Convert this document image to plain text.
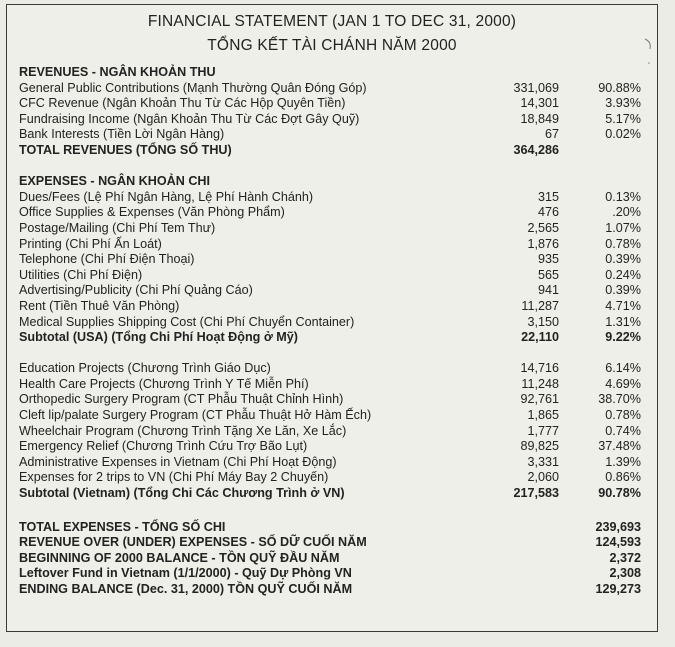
FINANCIAL STATEMENT (JAN 1 TO DEC 31, 2000)
TỔNG KẾT TÀI CHÁNH NĂM 2000
REVENUES - NGÂN KHOẢN THU
General Public Contributions (Mạnh Thường Quân Đóng Góp)	331,069	90.88%
CFC Revenue (Ngân Khoản Thu Từ Các Hộp Quyên Tiền)	14,301	3.93%
Fundraising Income (Ngân Khoản Thu Từ Các Đợt Gây Quỹ)	18,849	5.17%
Bank Interests (Tiền Lời Ngân Hàng)	67	0.02%
TOTAL REVENUES (TỔNG SỐ THU)	364,286
EXPENSES - NGÂN KHOẢN CHI
Dues/Fees (Lệ Phí Ngân Hàng, Lệ Phí Hành Chánh)	315	0.13%
Office Supplies & Expenses (Văn Phòng Phẩm)	476	.20%
Postage/Mailing (Chi Phí Tem Thư)	2,565	1.07%
Printing (Chi Phí Ấn Loát)	1,876	0.78%
Telephone (Chi Phí Điện Thoại)	935	0.39%
Utilities (Chi Phí Điện)	565	0.24%
Advertising/Publicity (Chi Phí Quảng Cáo)	941	0.39%
Rent (Tiền Thuê Văn Phòng)	11,287	4.71%
Medical Supplies Shipping Cost (Chi Phí Chuyển Container)	3,150	1.31%
Subtotal (USA) (Tổng Chi Phí Hoạt Động ở Mỹ)	22,110	9.22%
Education Projects (Chương Trình Giáo Dục)	14,716	6.14%
Health Care Projects (Chương Trình Y Tế Miễn Phí)	11,248	4.69%
Orthopedic Surgery Program (CT Phẫu Thuật Chỉnh Hình)	92,761	38.70%
Cleft lip/palate Surgery Program (CT Phẫu Thuật Hở Hàm Ếch)	1,865	0.78%
Wheelchair Program (Chương Trình Tặng Xe Lăn, Xe Lắc)	1,777	0.74%
Emergency Relief (Chương Trình Cứu Trợ Bão Lụt)	89,825	37.48%
Administrative Expenses in Vietnam (Chi Phí Hoạt Động)	3,331	1.39%
Expenses for 2 trips to VN (Chi Phí Máy Bay 2 Chuyến)	2,060	0.86%
Subtotal (Vietnam) (Tổng Chi Các Chương Trình ở VN)	217,583	90.78%
TOTAL EXPENSES - TỔNG SỐ CHI	239,693
REVENUE OVER (UNDER) EXPENSES - SỐ DỮ CUỐI NĂM	124,593
BEGINNING OF 2000 BALANCE - TỒN QUỸ ĐẦU NĂM	2,372
Leftover Fund in Vietnam (1/1/2000) - Quỹ Dự Phòng VN	2,308
ENDING BALANCE (Dec. 31, 2000) TỒN QUỸ CUỐI NĂM	129,273
